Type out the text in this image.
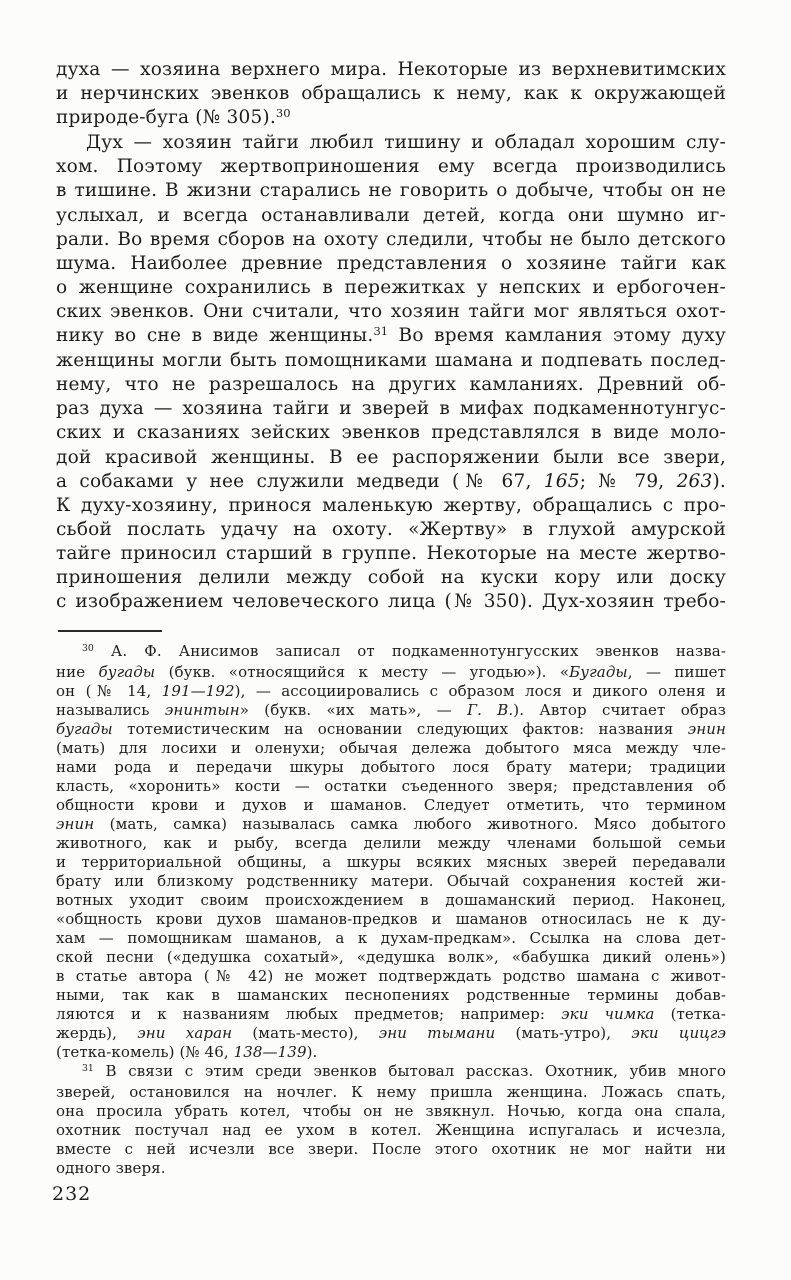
духа — хозяина верхнего мира. Некоторые из верхневитимских
и нерчинских эвенков обращались к нему, как к окружающей
природе-буга (№ 305).$^{30}$
Дух — хозяин тайги любил тишину и обладал хорошим слу-
хом. Поэтому жертвоприношения ему всегда производились
в тишине. В жизни старались не говорить о добыче, чтобы он не
услыхал, и всегда останавливали детей, когда они шумно иг-
рали. Во время сборов на охоту следили, чтобы не было детского
шума. Наиболее древние представления о хозяине тайги как
о женщине сохранились в пережитках у непских и ербогочен-
ских эвенков. Они считали, что хозяин тайги мог являться охот-
нику во сне в виде женщины.$^{31}$ Во время камлания этому духу
женщины могли быть помощниками шамана и подпевать послед-
нему, что не разрешалось на других камланиях. Древний об-
раз духа — хозяина тайги и зверей в мифах подкаменнотунгус-
ских и сказаниях зейских эвенков представлялся в виде моло-
дой красивой женщины. В ее распоряжении были все звери,
а собаками у нее служили медведи (№ 67, 165; № 79, 263).
К духу-хозяину, принося маленькую жертву, обращались с про-
сьбой послать удачу на охоту. «Жертву» в глухой амурской
тайге приносил старший в группе. Некоторые на месте жертво-
приношения делили между собой на куски кору или доску
с изображением человеческого лица (№ 350). Дух-хозяин требо-
$^{30}$ А. Ф. Анисимов записал от подкаменнотунгусских эвенков назва-
ние бугады (букв. «относящийся к месту — угодью»). «Бугады, — пишет
он (№ 14, 191—192), — ассоциировались с образом лося и дикого оленя и
назывались энинтын» (букв. «их мать», — Г. В.). Автор считает образ
бугады тотемистическим на основании следующих фактов: названия энин
(мать) для лосихи и оленухи; обычая дележа добытого мяса между чле-
нами рода и передачи шкуры добытого лося брату матери; традиции
класть, «хоронить» кости — остатки съеденного зверя; представления об
общности крови и духов и шаманов. Следует отметить, что термином
энин (мать, самка) называлась самка любого животного. Мясо добытого
животного, как и рыбу, всегда делили между членами большой семьи
и территориальной общины, а шкуры всяких мясных зверей передавали
брату или близкому родственнику матери. Обычай сохранения костей жи-
вотных уходит своим происхождением в дошаманский период. Наконец,
«общность крови духов шаманов-предков и шаманов относилась не к ду-
хам — помощникам шаманов, а к духам-предкам». Ссылка на слова дет-
ской песни («дедушка сохатый», «дедушка волк», «бабушка дикий олень»)
в статье автора (№ 42) не может подтверждать родство шамана с живот-
ными, так как в шаманских песнопениях родственные термины добав-
ляются и к названиям любых предметов; например: эки чимка (тетка-
жердь), эни харан (мать-место), эни тымани (мать-утро), эки цицгэ
(тетка-комель) (№ 46, 138—139).
$^{31}$ В связи с этим среди эвенков бытовал рассказ. Охотник, убив много
зверей, остановился на ночлег. К нему пришла женщина. Ложась спать,
она просила убрать котел, чтобы он не звякнул. Ночью, когда она спала,
охотник постучал над ее ухом в котел. Женщина испугалась и исчезла,
вместе с ней исчезли все звери. После этого охотник не мог найти ни
одного зверя.
232
